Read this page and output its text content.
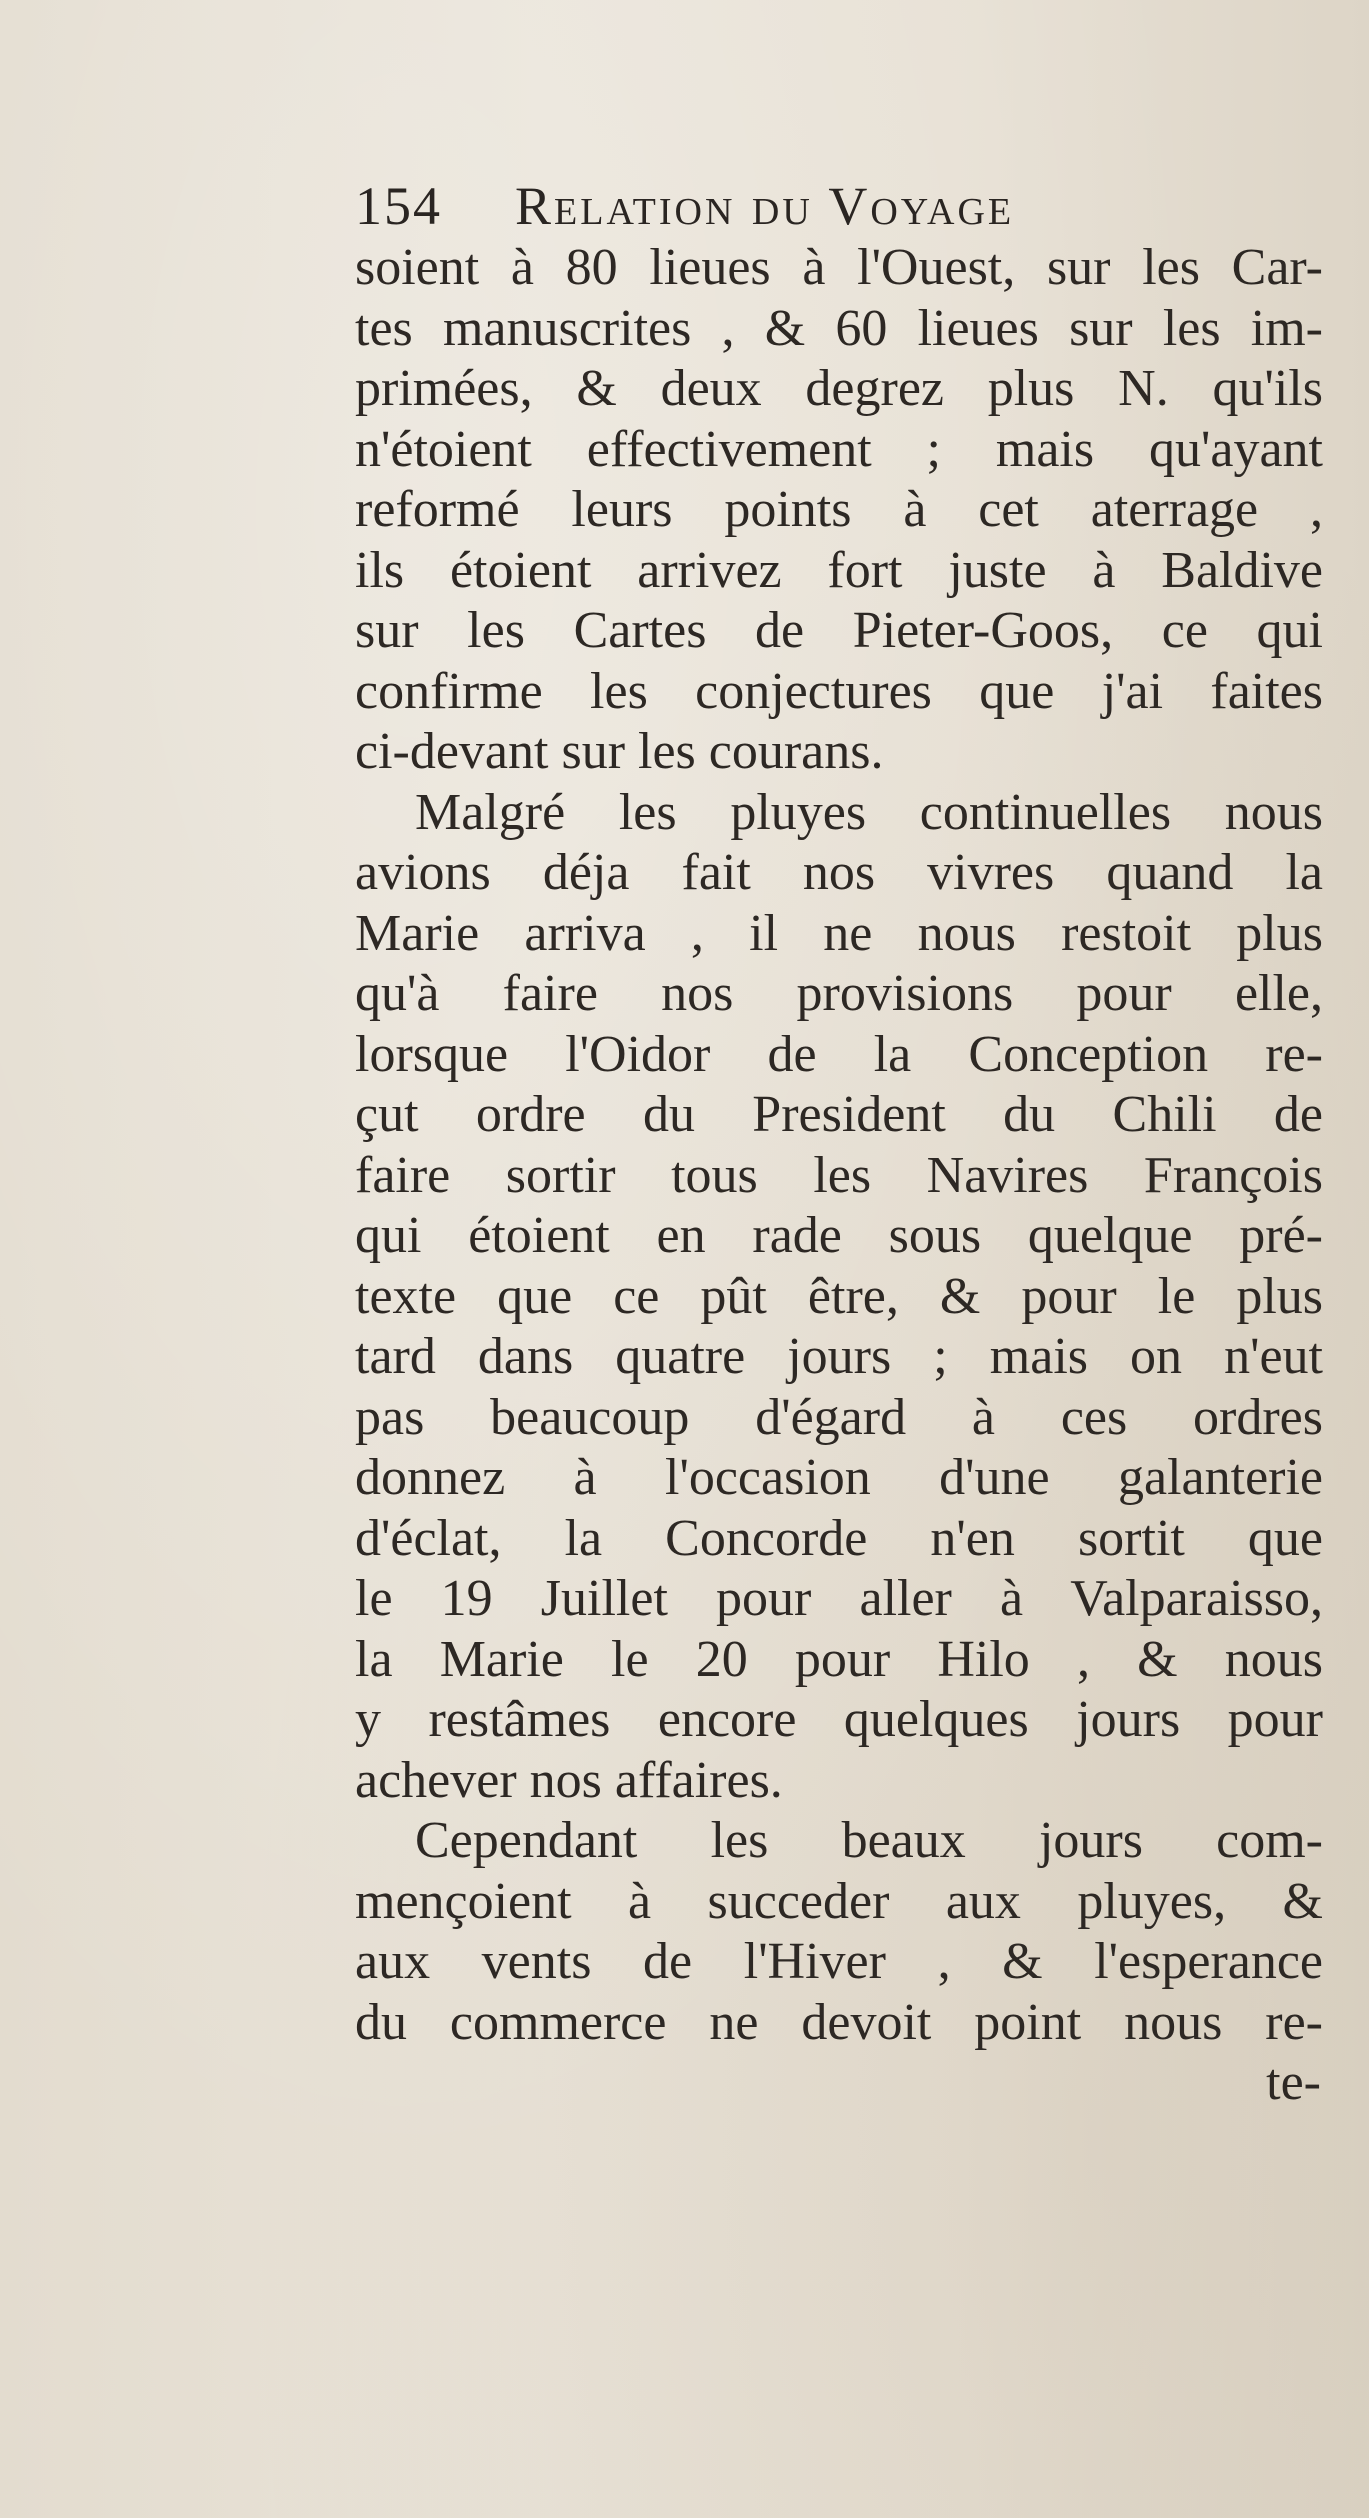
154	Relation du Voyage

soient à 80 lieues à l'Ouest, sur les Car-
tes manuscrites , & 60 lieues sur les im-
primées, & deux degrez plus N. qu'ils
n'étoient effectivement ; mais qu'ayant
reformé leurs points à cet aterrage ,
ils étoient arrivez fort juste à Baldive
sur les Cartes de Pieter-Goos, ce qui
confirme les conjectures que j'ai faites
ci-devant sur les courans.
Malgré les pluyes continuelles nous
avions déja fait nos vivres quand la
Marie arriva , il ne nous restoit plus
qu'à faire nos provisions pour elle,
lorsque l'Oidor de la Conception re-
çut ordre du President du Chili de
faire sortir tous les Navires François
qui étoient en rade sous quelque pré-
texte que ce pût être, & pour le plus
tard dans quatre jours ; mais on n'eut
pas beaucoup d'égard à ces ordres
donnez à l'occasion d'une galanterie
d'éclat, la Concorde n'en sortit que
le 19 Juillet pour aller à Valparaisso,
la Marie le 20 pour Hilo , & nous
y restâmes encore quelques jours pour
achever nos affaires.
Cependant les beaux jours com-
mençoient à succeder aux pluyes, &
aux vents de l'Hiver , & l'esperance
du commerce ne devoit point nous re-

te-
